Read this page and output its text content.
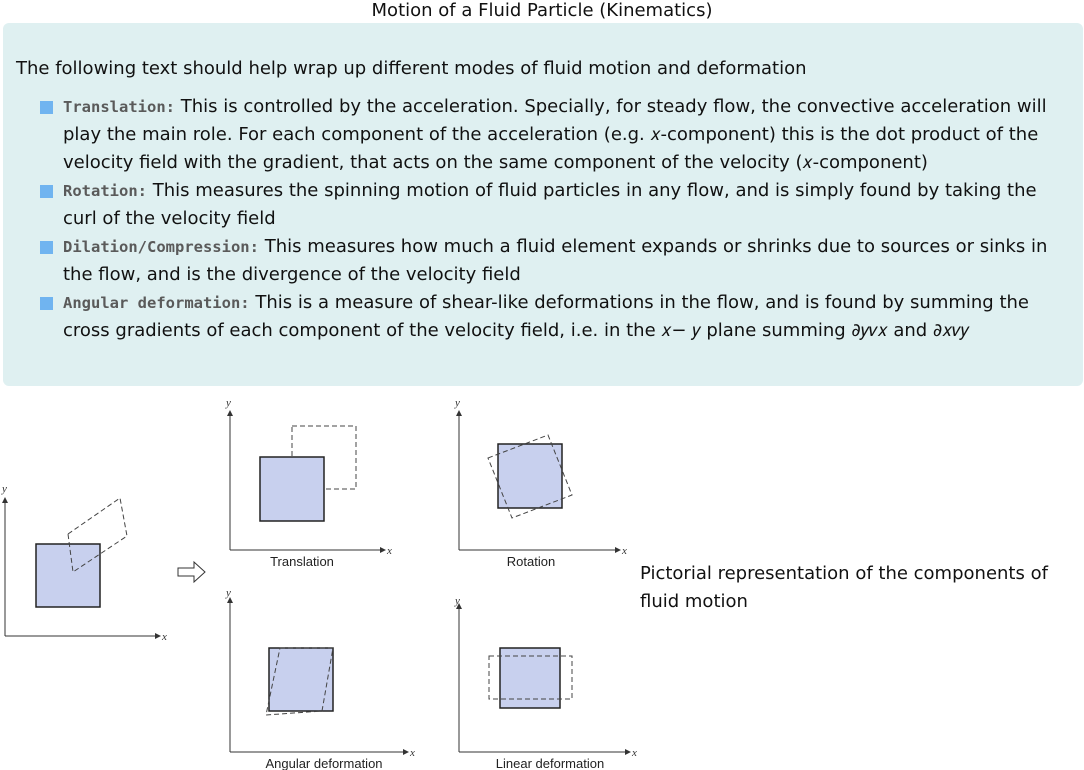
Motion of a Fluid Particle (Kinematics)

The following text should help wrap up different modes of fluid motion and deformation

Translation: This is controlled by the acceleration. Specially, for steady flow, the convective acceleration will play the main role. For each component of the acceleration (e.g. 𝑥-component) this is the dot product of the velocity field with the gradient, that acts on the same component of the velocity (𝑥-component)
Rotation: This measures the spinning motion of fluid particles in any flow, and is simply found by taking the curl of the velocity field
Dilation/Compression: This measures how much a fluid element expands or shrinks due to sources or sinks in the flow, and is the divergence of the velocity field
Angular deformation: This is a measure of shear-like deformations in the flow, and is found by summing the cross gradients of each component of the velocity field, i.e. in the 𝑥− 𝑦 plane summing ∂𝑦𝑣𝑥 and ∂𝑥𝑣𝑦
x
y
x
y
Translation
x
y
Rotation
x
y
Angular deformation
x
y
Linear deformation
Pictorial representation of the components of fluid motion
